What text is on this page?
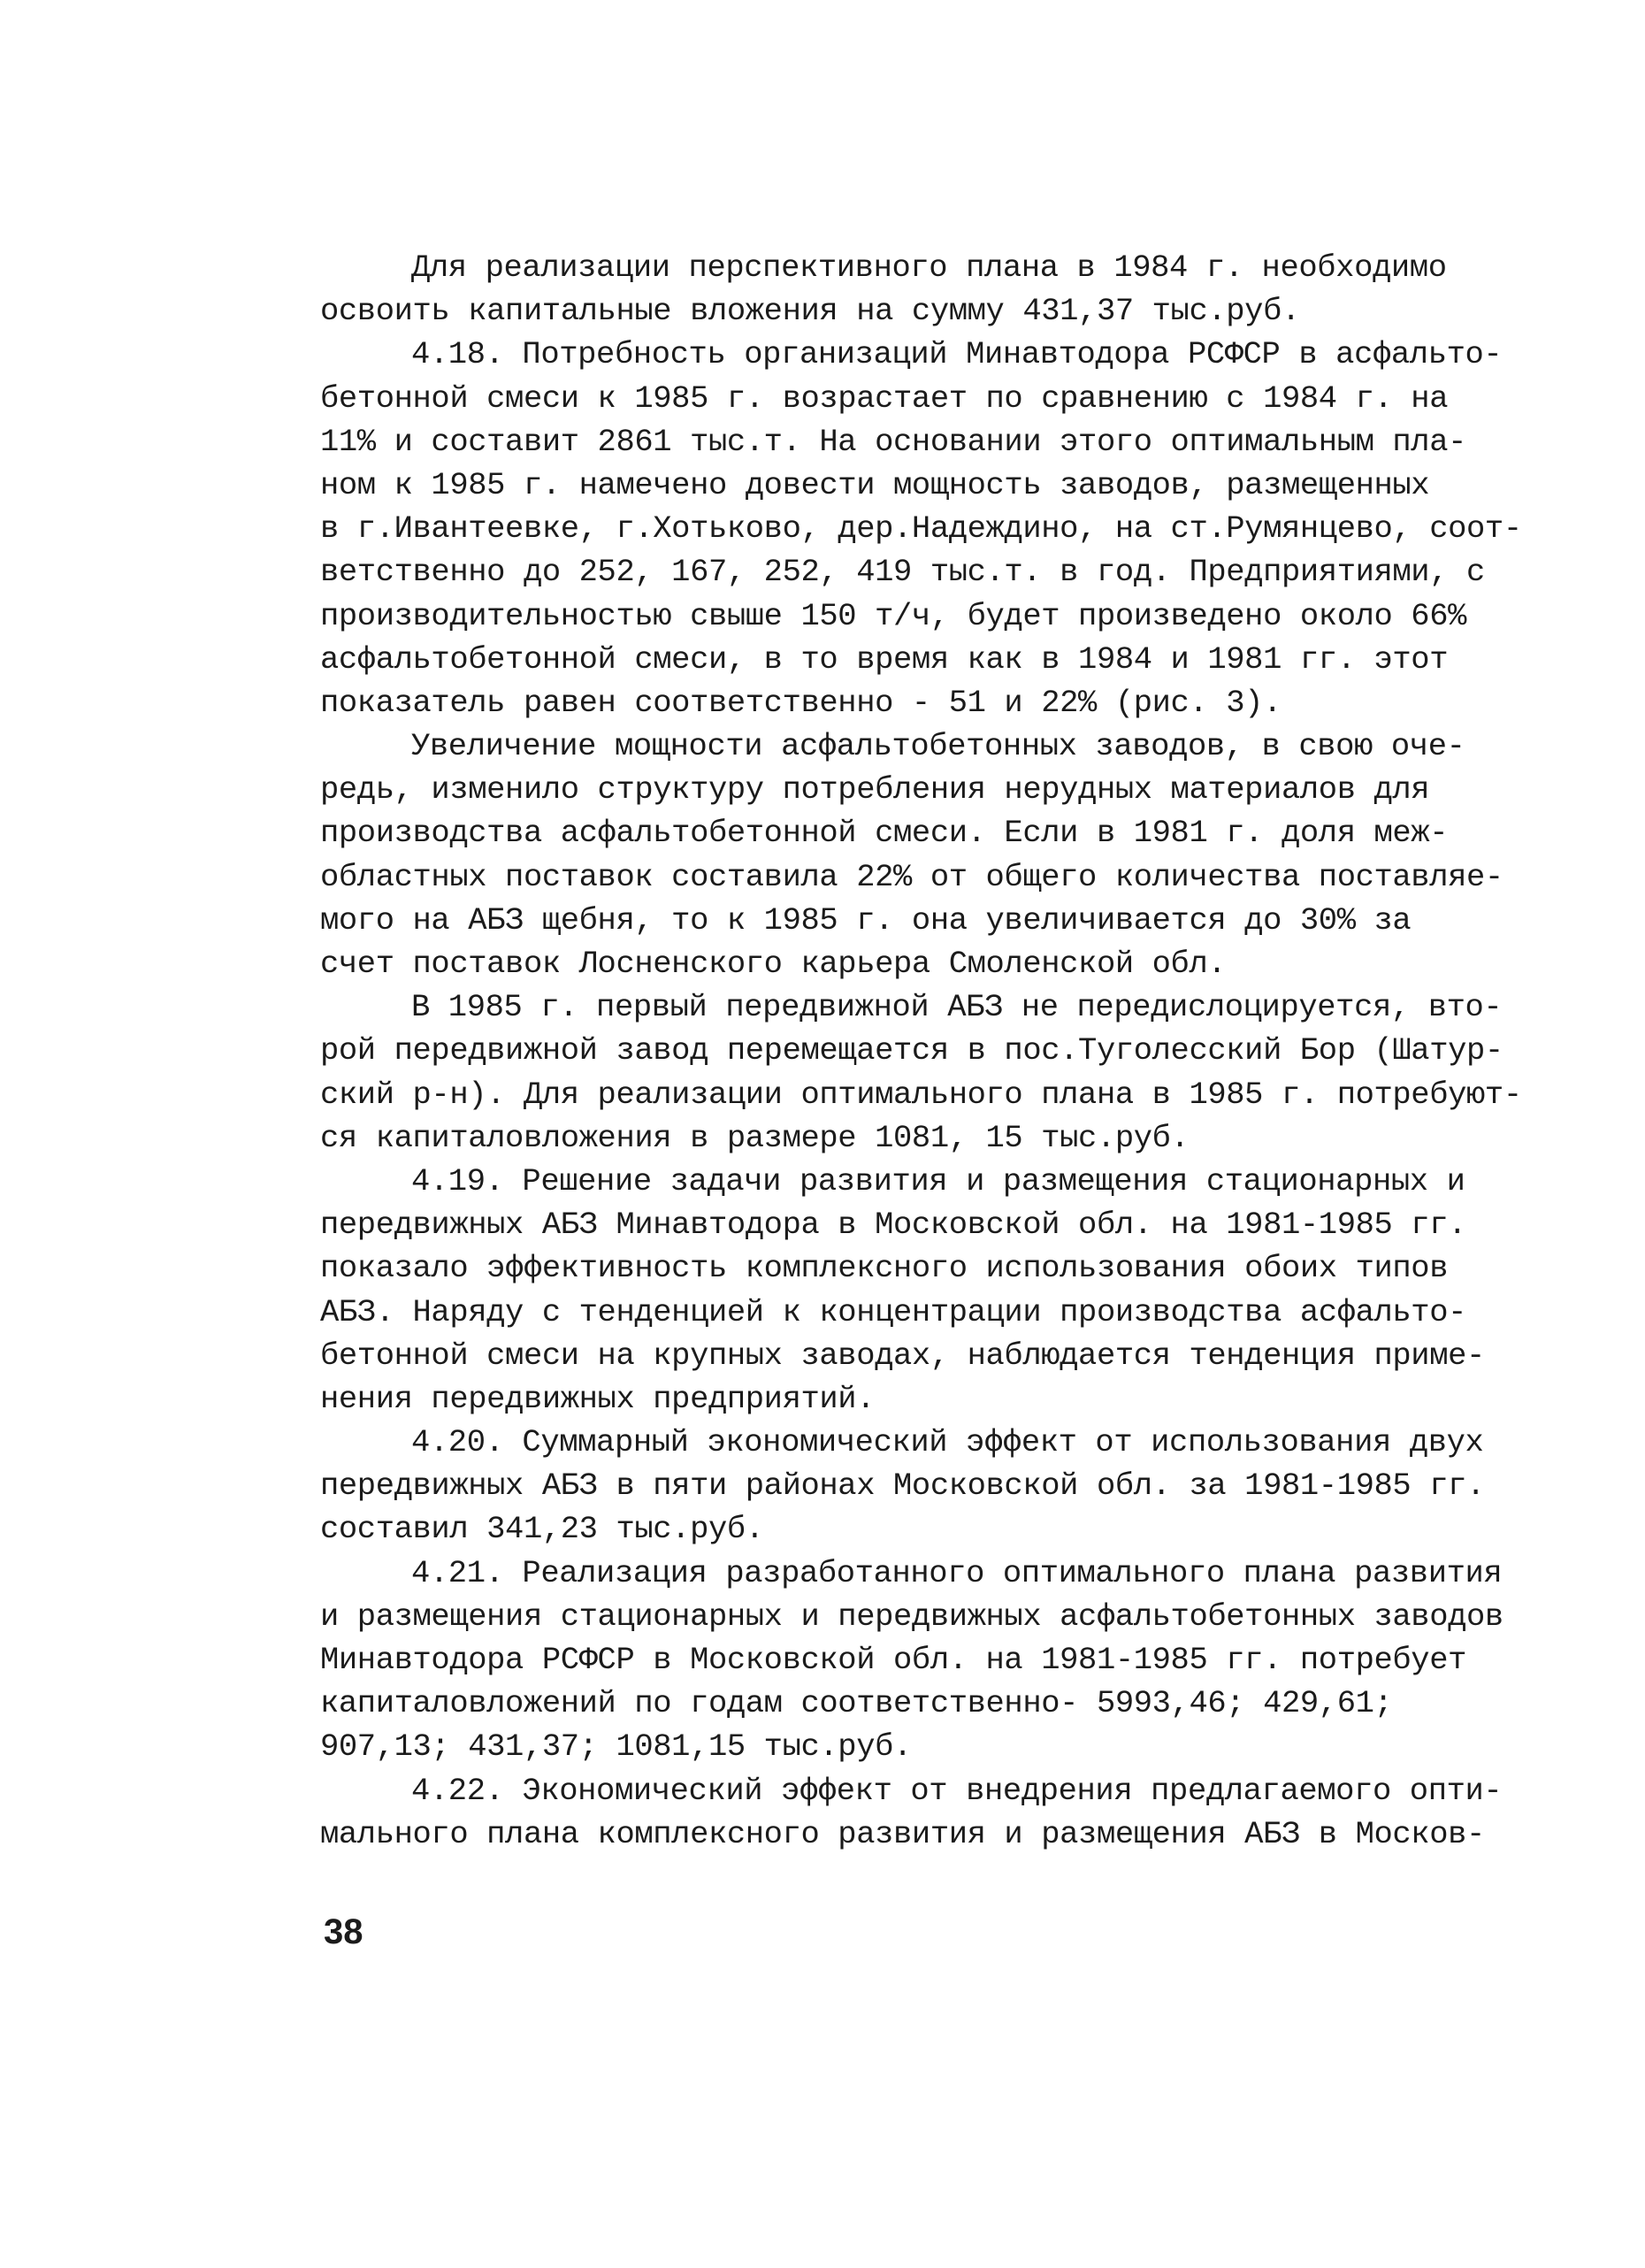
Для реализации перспективного плана в 1984 г. необходимо
освоить капитальные вложения на сумму 431,37 тыс.руб.
4.18. Потребность организаций Минавтодора РСФСР в асфальто-
бетонной смеси к 1985 г. возрастает по сравнению с 1984 г. на
11% и составит 2861 тыс.т. На основании этого оптимальным пла-
ном к 1985 г. намечено довести мощность заводов, размещенных
в г.Ивантеевке, г.Хотьково, дер.Надеждино, на ст.Румянцево, соот-
ветственно до 252, 167, 252, 419 тыс.т. в год. Предприятиями, с
производительностью свыше 150 т/ч, будет произведено около 66%
асфальтобетонной смеси, в то время как в 1984 и 1981 гг. этот
показатель равен соответственно - 51 и 22% (рис. 3).
Увеличение мощности асфальтобетонных заводов, в свою оче-
редь, изменило структуру потребления нерудных материалов для
производства асфальтобетонной смеси. Если в 1981 г. доля меж-
областных поставок составила 22% от общего количества поставляе-
мого на АБЗ щебня, то к 1985 г. она увеличивается до 30% за
счет поставок Лосненского карьера Смоленской обл.
В 1985 г. первый передвижной АБЗ не передислоцируется, вто-
рой передвижной завод перемещается в пос.Туголесский Бор (Шатур-
ский р-н). Для реализации оптимального плана в 1985 г. потребуют-
ся капиталовложения в размере 1081, 15 тыс.руб.
4.19. Решение задачи развития и размещения стационарных и
передвижных АБЗ Минавтодора в Московской обл. на 1981-1985 гг.
показало эффективность комплексного использования обоих типов
АБЗ. Наряду с тенденцией к концентрации производства асфальто-
бетонной смеси на крупных заводах, наблюдается тенденция приме-
нения передвижных предприятий.
4.20. Суммарный экономический эффект от использования двух
передвижных АБЗ в пяти районах Московской обл. за 1981-1985 гг.
составил 341,23 тыс.руб.
4.21. Реализация разработанного оптимального плана развития
и размещения стационарных и передвижных асфальтобетонных заводов
Минавтодора РСФСР в Московской обл. на 1981-1985 гг. потребует
капиталовложений по годам соответственно- 5993,46; 429,61;
907,13; 431,37; 1081,15 тыс.руб.
4.22. Экономический эффект от внедрения предлагаемого опти-
мального плана комплексного развития и размещения АБЗ в Москов-
38
